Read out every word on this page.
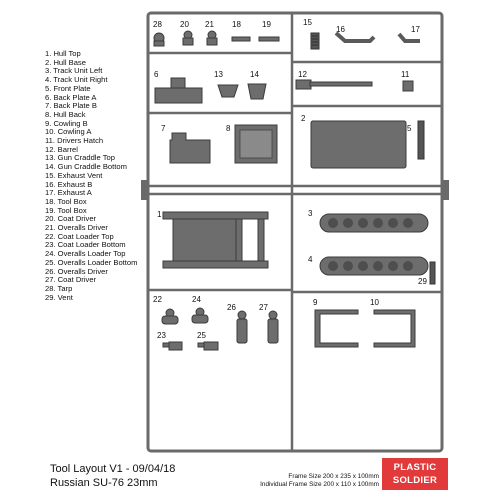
1. Hull Top
2. Hull Base
3. Track Unit Left
4. Track Unit Right
5. Front Plate
6. Back Plate A
7. Back Plate B
8. Hull Back
9. Cowling B
10. Cowling A
11. Drivers Hatch
12. Barrel
13. Gun Craddle Top
14. Gun Craddle Bottom
15. Exhaust Vent
16. Exhaust B
17. Exhaust A
18. Tool Box
19. Tool Box
20. Coat Driver
21. Overalls Driver
22. Coat Loader Top
23. Coat Loader Bottom
24. Overalls Loader Top
25. Overalls Loader Bottom
26. Overalls Driver
27. Coat Driver
28. Tarp
29. Vent
28 20 21 18	19	15
16	17
6	13	14	12	11
7	8
2
5
1	3
4
29
22	24
26	27
23	25
9	10
Tool Layout V1 - 09/04/18
Russian SU-76 23mm
Frame Size 200 x 235 x 100mm
Individual Frame Size 200 x 110 x 100mm
PLASTIC
SOLDIER
